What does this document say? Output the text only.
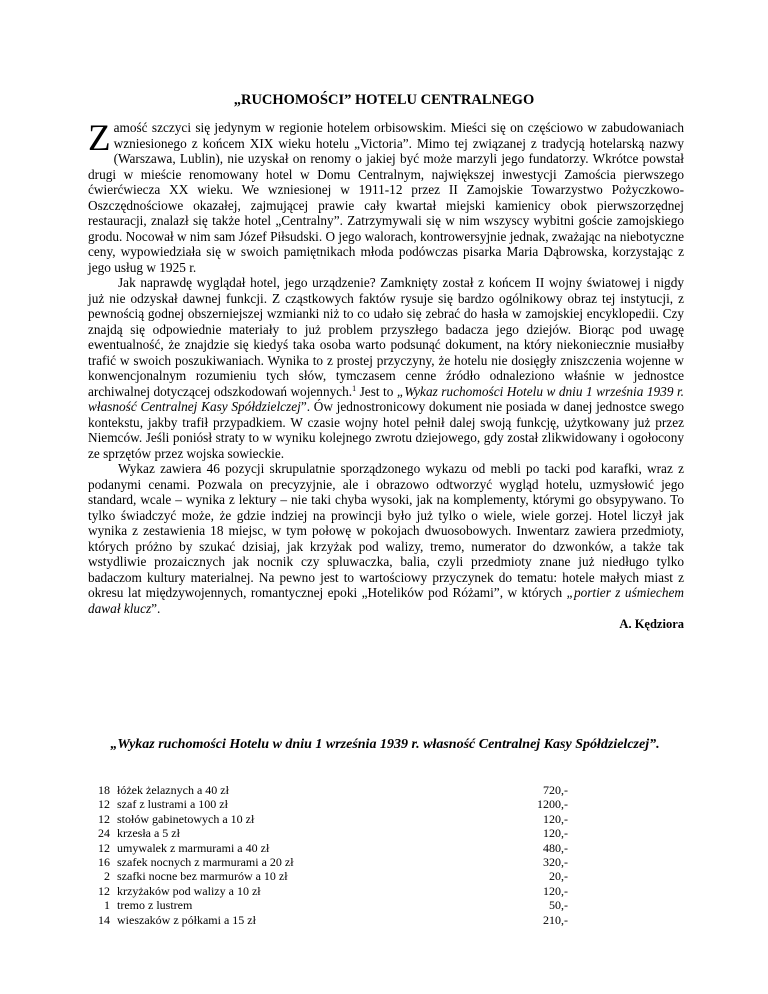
„RUCHOMOŚCI” HOTELU CENTRALNEGO

Zamość szczyci się jedynym w regionie hotelem orbisowskim. Mieści się on częściowo w zabudowaniach wzniesionego z końcem XIX wieku hotelu „Victoria”. Mimo tej związanej z tradycją hotelarską nazwy (Warszawa, Lublin), nie uzyskał on renomy o jakiej być może marzyli jego fundatorzy. Wkrótce powstał drugi w mieście renomowany hotel w Domu Centralnym, największej inwestycji Zamościa pierwszego ćwierćwiecza XX wieku. We wzniesionej w 1911-12 przez II Zamojskie Towarzystwo Pożyczkowo-Oszczędnościowe okazałej, zajmującej prawie cały kwartał miejski kamienicy obok pierwszorzędnej restauracji, znalazł się także hotel „Centralny”. Zatrzymywali się w nim wszyscy wybitni goście zamojskiego grodu. Nocował w nim sam Józef Piłsudski. O jego walorach, kontrowersyjnie jednak, zważając na niebotyczne ceny, wypowiedziała się w swoich pamiętnikach młoda podówczas pisarka Maria Dąbrowska, korzystając z jego usług w 1925 r.

Jak naprawdę wyglądał hotel, jego urządzenie? Zamknięty został z końcem II wojny światowej i nigdy już nie odzyskał dawnej funkcji. Z cząstkowych faktów rysuje się bardzo ogólnikowy obraz tej instytucji, z pewnością godnej obszerniejszej wzmianki niż to co udało się zebrać do hasła w zamojskiej encyklopedii. Czy znajdą się odpowiednie materiały to już problem przyszłego badacza jego dziejów. Biorąc pod uwagę ewentualność, że znajdzie się kiedyś taka osoba warto podsunąć dokument, na który niekoniecznie musiałby trafić w swoich poszukiwaniach. Wynika to z prostej przyczyny, że hotelu nie dosięgły zniszczenia wojenne w konwencjonalnym rozumieniu tych słów, tymczasem cenne źródło odnaleziono właśnie w jednostce archiwalnej dotyczącej odszkodowań wojennych.$^1$ Jest to „Wykaz ruchomości Hotelu w dniu 1 września 1939 r. własność Centralnej Kasy Spółdzielczej”. Ów jednostronicowy dokument nie posiada w danej jednostce swego kontekstu, jakby trafił przypadkiem. W czasie wojny hotel pełnił dalej swoją funkcję, użytkowany już przez Niemców. Jeśli poniósł straty to w wyniku kolejnego zwrotu dziejowego, gdy został zlikwidowany i ogołocony ze sprzętów przez wojska sowieckie.

Wykaz zawiera 46 pozycji skrupulatnie sporządzonego wykazu od mebli po tacki pod karafki, wraz z podanymi cenami. Pozwala on precyzyjnie, ale i obrazowo odtworzyć wygląd hotelu, uzmysłowić jego standard, wcale – wynika z lektury – nie taki chyba wysoki, jak na komplementy, którymi go obsypywano. To tylko świadczyć może, że gdzie indziej na prowincji było już tylko o wiele, wiele gorzej. Hotel liczył jak wynika z zestawienia 18 miejsc, w tym połowę w pokojach dwuosobowych. Inwentarz zawiera przedmioty, których próżno by szukać dzisiaj, jak krzyżak pod walizy, tremo, numerator do dzwonków, a także tak wstydliwie prozaicznych jak nocnik czy spluwaczka, balia, czyli przedmioty znane już niedługo tylko badaczom kultury materialnej. Na pewno jest to wartościowy przyczynek do tematu: hotele małych miast z okresu lat międzywojennych, romantycznej epoki „Hotelików pod Różami”, w których „portier z uśmiechem dawał klucz”.

A. Kędziora
„Wykaz ruchomości Hotelu w dniu 1 września 1939 r. własność Centralnej Kasy Spółdzielczej”.
18 łóżek żelaznych a 40 zł	720,-
12 szaf z lustrami a 100 zł	1200,-
12 stołów gabinetowych a 10 zł	120,-
24 krzesła a 5 zł	120,-
12 umywalek z marmurami a 40 zł	480,-
16 szafek nocnych z marmurami a 20 zł	320,-
2 szafki nocne bez marmurów a 10 zł	20,-
12 krzyżaków pod walizy a 10 zł	120,-
1 tremo z lustrem	50,-
14 wieszaków z półkami a 15 zł	210,-
